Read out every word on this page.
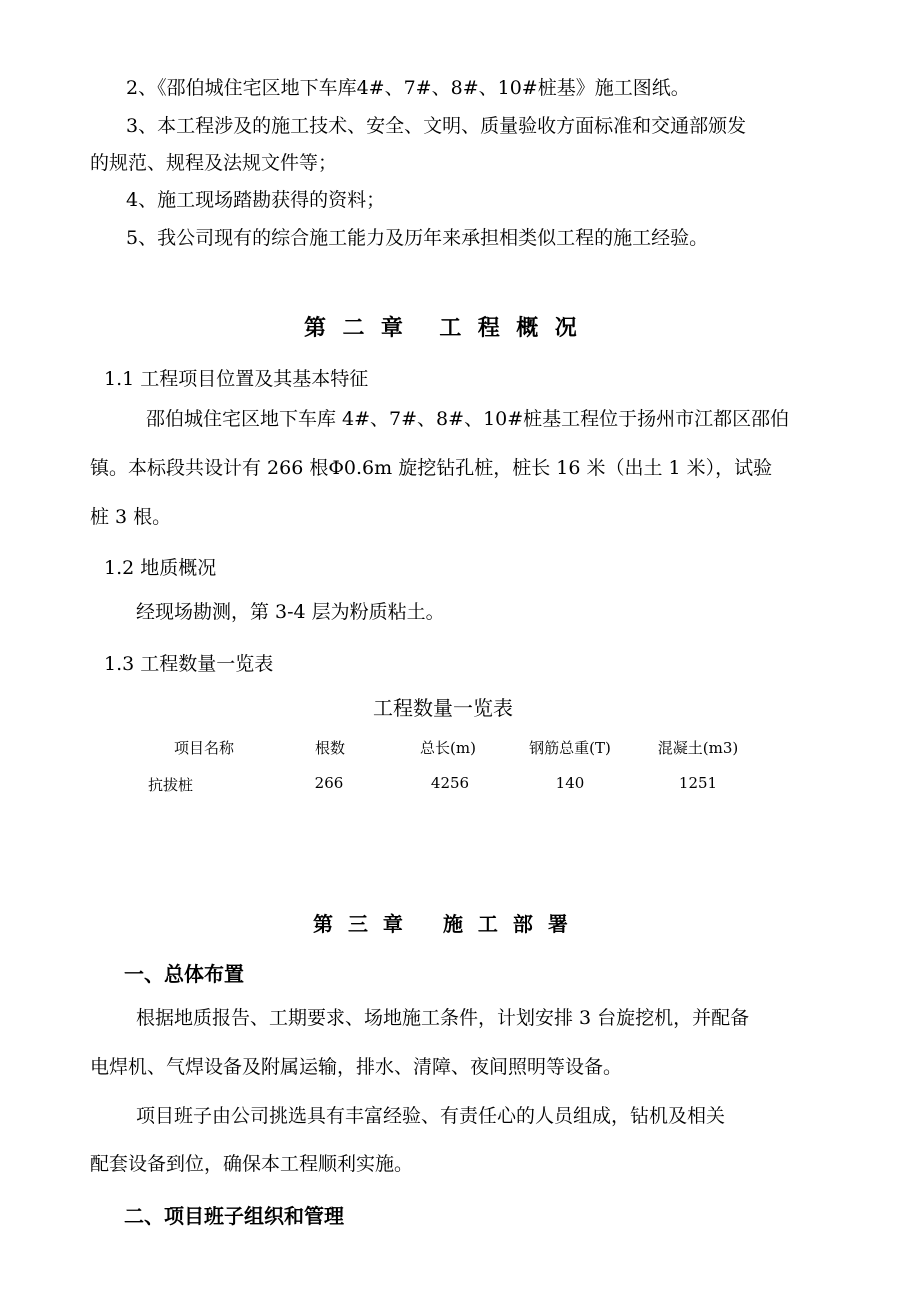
2、《邵伯城住宅区地下车库4#、7#、8#、10#桩基》施工图纸。
3、本工程涉及的施工技术、安全、文明、质量验收方面标准和交通部颁发
的规范、规程及法规文件等；
4、施工现场踏勘获得的资料；
5、我公司现有的综合施工能力及历年来承担相类似工程的施工经验。
第 二 章 工 程 概 况
1.1 工程项目位置及其基本特征
邵伯城住宅区地下车库 4#、7#、8#、10#桩基工程位于扬州市江都区邵伯
镇。本标段共设计有 266 根Φ0.6m 旋挖钻孔桩，桩长 16 米（出土 1 米），试验
桩 3 根。
1.2 地质概况
经现场勘测，第 3-4 层为粉质粘土。
1.3 工程数量一览表
工程数量一览表
项目名称	根数	总长(m)	钢筋总重(T)	混凝土(m3)
抗拔桩	266	4256	140	1251
第 三 章 施 工 部 署
一、总体布置
根据地质报告、工期要求、场地施工条件，计划安排 3 台旋挖机，并配备
电焊机、气焊设备及附属运输，排水、清障、夜间照明等设备。
项目班子由公司挑选具有丰富经验、有责任心的人员组成，钻机及相关
配套设备到位，确保本工程顺利实施。
二、项目班子组织和管理
